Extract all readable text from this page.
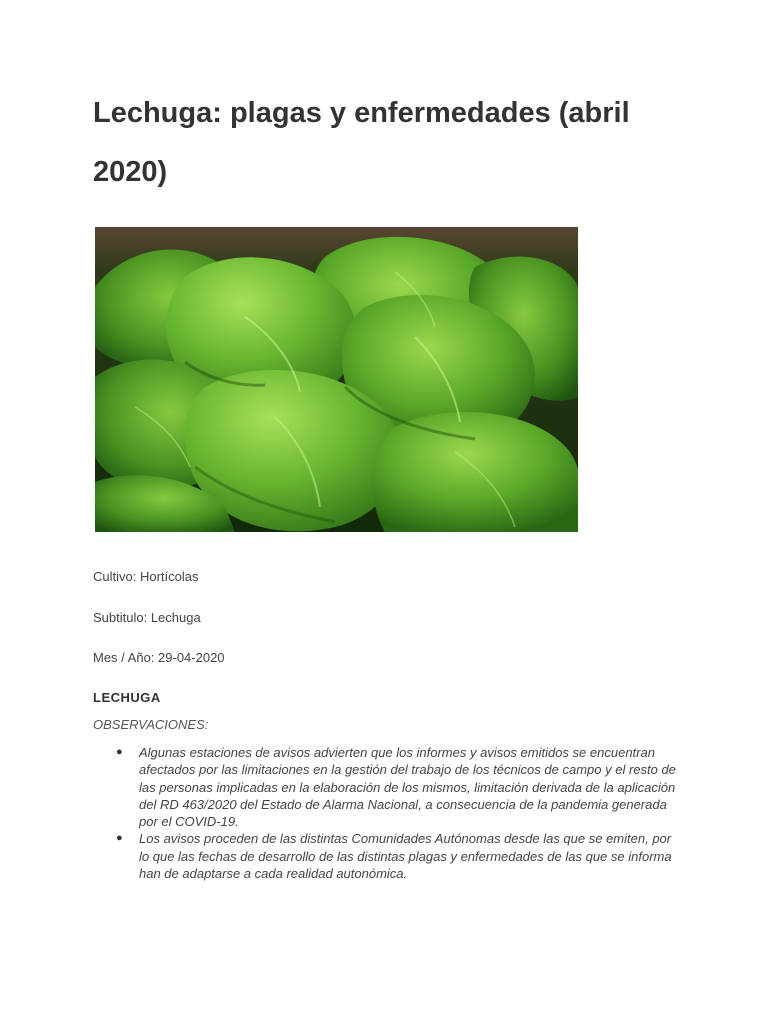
Lechuga: plagas y enfermedades (abril 2020)

Cultivo: Hortícolas

Subtitulo: Lechuga

Mes / Año: 29-04-2020

LECHUGA

OBSERVACIONES:

● Algunas estaciones de avisos advierten que los informes y avisos emitidos se encuentran afectados por las limitaciones en la gestión del trabajo de los técnicos de campo y el resto de las personas implicadas en la elaboración de los mismos, limitación derivada de la aplicación del RD 463/2020 del Estado de Alarma Nacional, a consecuencia de la pandemia generada por el COVID-19.
● Los avisos proceden de las distintas Comunidades Autónomas desde las que se emiten, por lo que las fechas de desarrollo de las distintas plagas y enfermedades de las que se informa han de adaptarse a cada realidad autonómica.
